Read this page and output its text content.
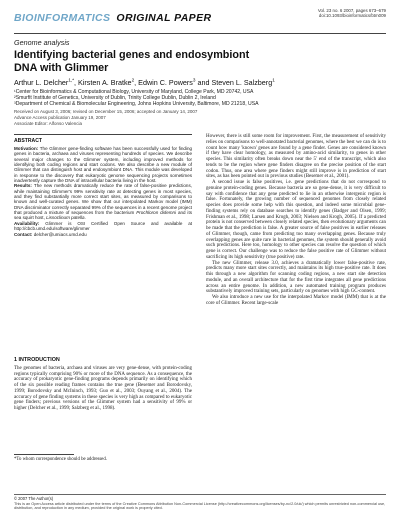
BIOINFORMATICS ORIGINAL PAPER
Vol. 23 no. 6 2007, pages 673–679
doi:10.1093/bioinformatics/btm009
Genome analysis
Identifying bacterial genes and endosymbiont
DNA with Glimmer
Arthur L. Delcher$^{1,*}$, Kirsten A. Bratke$^2$, Edwin C. Powers$^3$ and Steven L. Salzberg$^1$
¹Center for Bioinformatics & Computational Biology, University of Maryland, College Park, MD 20742, USA
²Smurfit Institute of Genetics, University of Dublin, Trinity College Dublin, Dublin 2, Ireland
³Department of Chemical & Biomolecular Engineering, Johns Hopkins University, Baltimore, MD 21218, USA
Received on August 3, 2006; revised on December 15, 2006; accepted on January 14, 2007
Advance Access publication January 19, 2007
Associate Editor: Alfonso Valencia
ABSTRACT
Motivation: The Glimmer gene-finding software has been successfully used for finding genes in bacteria, archaea and viruses representing hundreds of species. We describe several major changes to the Glimmer system, including improved methods for identifying both coding regions and start codons. We also describe a new module of Glimmer that can distinguish host and endosymbiont DNA. This module was developed in response to the discovery that eukaryotic genome sequencing projects sometimes inadvertently capture the DNA of intracellular bacteria living in the host.
Results: The new methods dramatically reduce the rate of false-positive predictions, while maintaining Glimmer's 99% sensitivity rate at detecting genes in most species, and they find substantially more correct start sites, as measured by comparisons to known and well-curated genes. We show that our interpolated Markov model (IMM) DNA discriminator correctly separated 99% of the sequences in a recent genome project that produced a mixture of sequences from the bacterium Prochloron didemni and its sea squirt host, Lissoclinum patella.
Availability: Glimmer is OSI Certified Open Source and available at http://cbcb.umd.edu/software/glimmer
Contact: delcher@umiacs.umd.edu
1 INTRODUCTION
The genomes of bacteria, archaea and viruses are very gene-dense, with protein-coding regions typically comprising 90% or more of the DNA sequence. As a consequence, the accuracy of prokaryotic gene-finding programs depends primarily on identifying which of the six possible reading frames contains the true gene (Besemer and Borodovsky, 1999; Borodovsky and McIninch, 1993; Guo et al., 2003; Ouyang et al., 2004). The accuracy of gene finding systems in these species is very high as compared to eukaryotic gene finders; previous versions of the Glimmer system had a sensitivity of 99% or higher (Delcher et al., 1999; Salzberg et al., 1998).
*To whom correspondence should be addressed.

However, there is still some room for improvement. First, the measurement of sensitivity relies on comparisons to well-annotated bacterial genomes, where the best we can do is to count how many 'known' genes are found by a gene finder. Genes are considered known if they have clear homology, as measured by amino-acid similarity, to genes in other species. This similarity often breaks down near the 5′ end of the transcript, which also tends to be the region where gene finders disagree on the precise position of the start codon. Thus, one area where gene finders might still improve is in prediction of start sites, as has been pointed out in previous studies (Besemer et al., 2001).

A second issue is false positives, i.e. gene predictions that do not correspond to genuine protein-coding genes. Because bacteria are so gene-dense, it is very difficult to say with confidence that any gene predicted to lie in an otherwise intergenic region is false. Fortunately, the growing number of sequenced genomes from closely related species does provide some help with this question, and indeed some microbial gene-finding systems rely on database searches to identify genes (Badger and Olsen, 1999; Frishman et al., 1998; Larsen and Krogh, 2003; Nielsen and Krogh, 2005). If a predicted protein is not conserved between closely related species, then evolutionary arguments can be made that the prediction is false. A greater source of false positives in earlier releases of Glimmer, though, came from predicting too many overlapping genes. Because truly overlapping genes are quite rare in bacterial genomes, the system should generally avoid such predictions. Here too, homology to other species can resolve the question of which gene is correct. Our challenge was to reduce the false positive rate of Glimmer without sacrificing its high sensitivity (true positive) rate.

The new Glimmer, release 3.0, achieves a dramatically lower false-positive rate, predicts many more start sites correctly, and maintains its high true-positive rate. It does this through a new algorithm for scanning coding regions, a new start site detection module, and an overall architecture that for the first time integrates all gene predictions across an entire genome. In addition, a new automated training program produces substantively improved training sets, particularly on genomes with high GC-content.

We also introduce a new use for the interpolated Markov model (IMM) that is at the core of Glimmer. Recent large-scale

© 2007 The Author(s)
This is an Open Access article distributed under the terms of the Creative Commons Attribution Non-Commercial License (http://creativecommons.org/licenses/by-nc/2.0/uk/) which permits unrestricted non-commercial use, distribution, and reproduction in any medium, provided the original work is properly cited.
